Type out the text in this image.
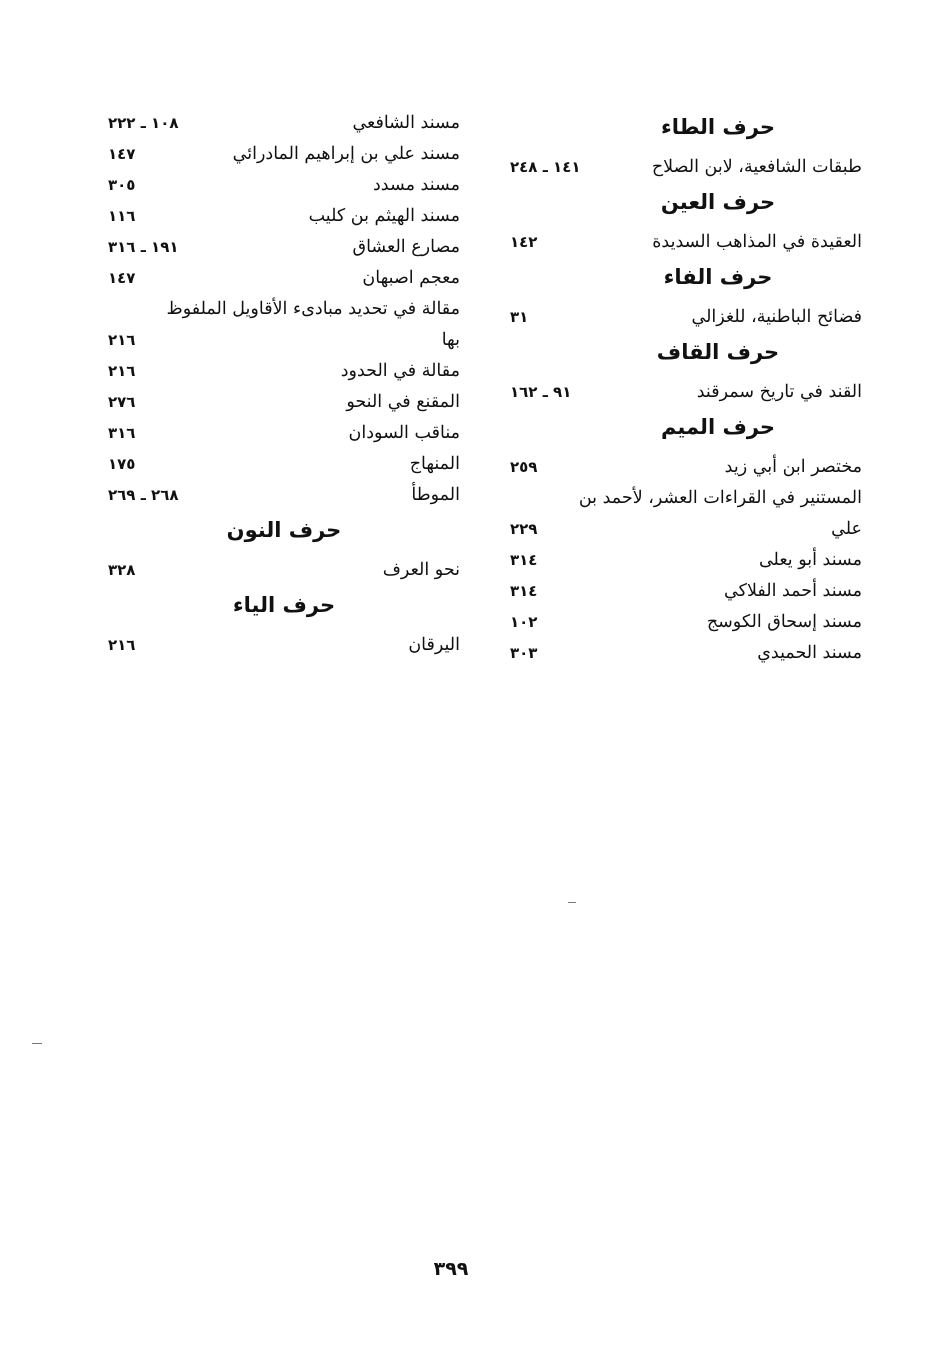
حرف الطاء
طبقات الشافعية، لابن الصلاح
١٤١ ـ ٢٤٨
حرف العين
العقيدة في المذاهب السديدة
١٤٢
حرف الفاء
فضائح الباطنية، للغزالي
٣١
حرف القاف
القند في تاريخ سمرقند
٩١ ـ ١٦٢
حرف الميم
مختصر ابن أبي زيد
٢٥٩
المستنير في القراءات العشر، لأحمد بن
علي
٢٢٩
مسند أبو يعلى
٣١٤
مسند أحمد الفلاكي
٣١٤
مسند إسحاق الكوسج
١٠٢
مسند الحميدي
٣٠٣
مسند الشافعي
١٠٨ ـ ٢٢٢
مسند علي بن إبراهيم المادرائي
١٤٧
مسند مسدد
٣٠٥
مسند الهيثم بن كليب
١١٦
مصارع العشاق
١٩١ ـ ٣١٦
معجم اصبهان
١٤٧
مقالة في تحديد مبادىء الأقاويل الملفوظ
بها
٢١٦
مقالة في الحدود
٢١٦
المقنع في النحو
٢٧٦
مناقب السودان
٣١٦
المنهاج
١٧٥
الموطأ
٢٦٨ ـ ٢٦٩
حرف النون
نحو العرف
٣٢٨
حرف الياء
اليرقان
٢١٦
٣٩٩
